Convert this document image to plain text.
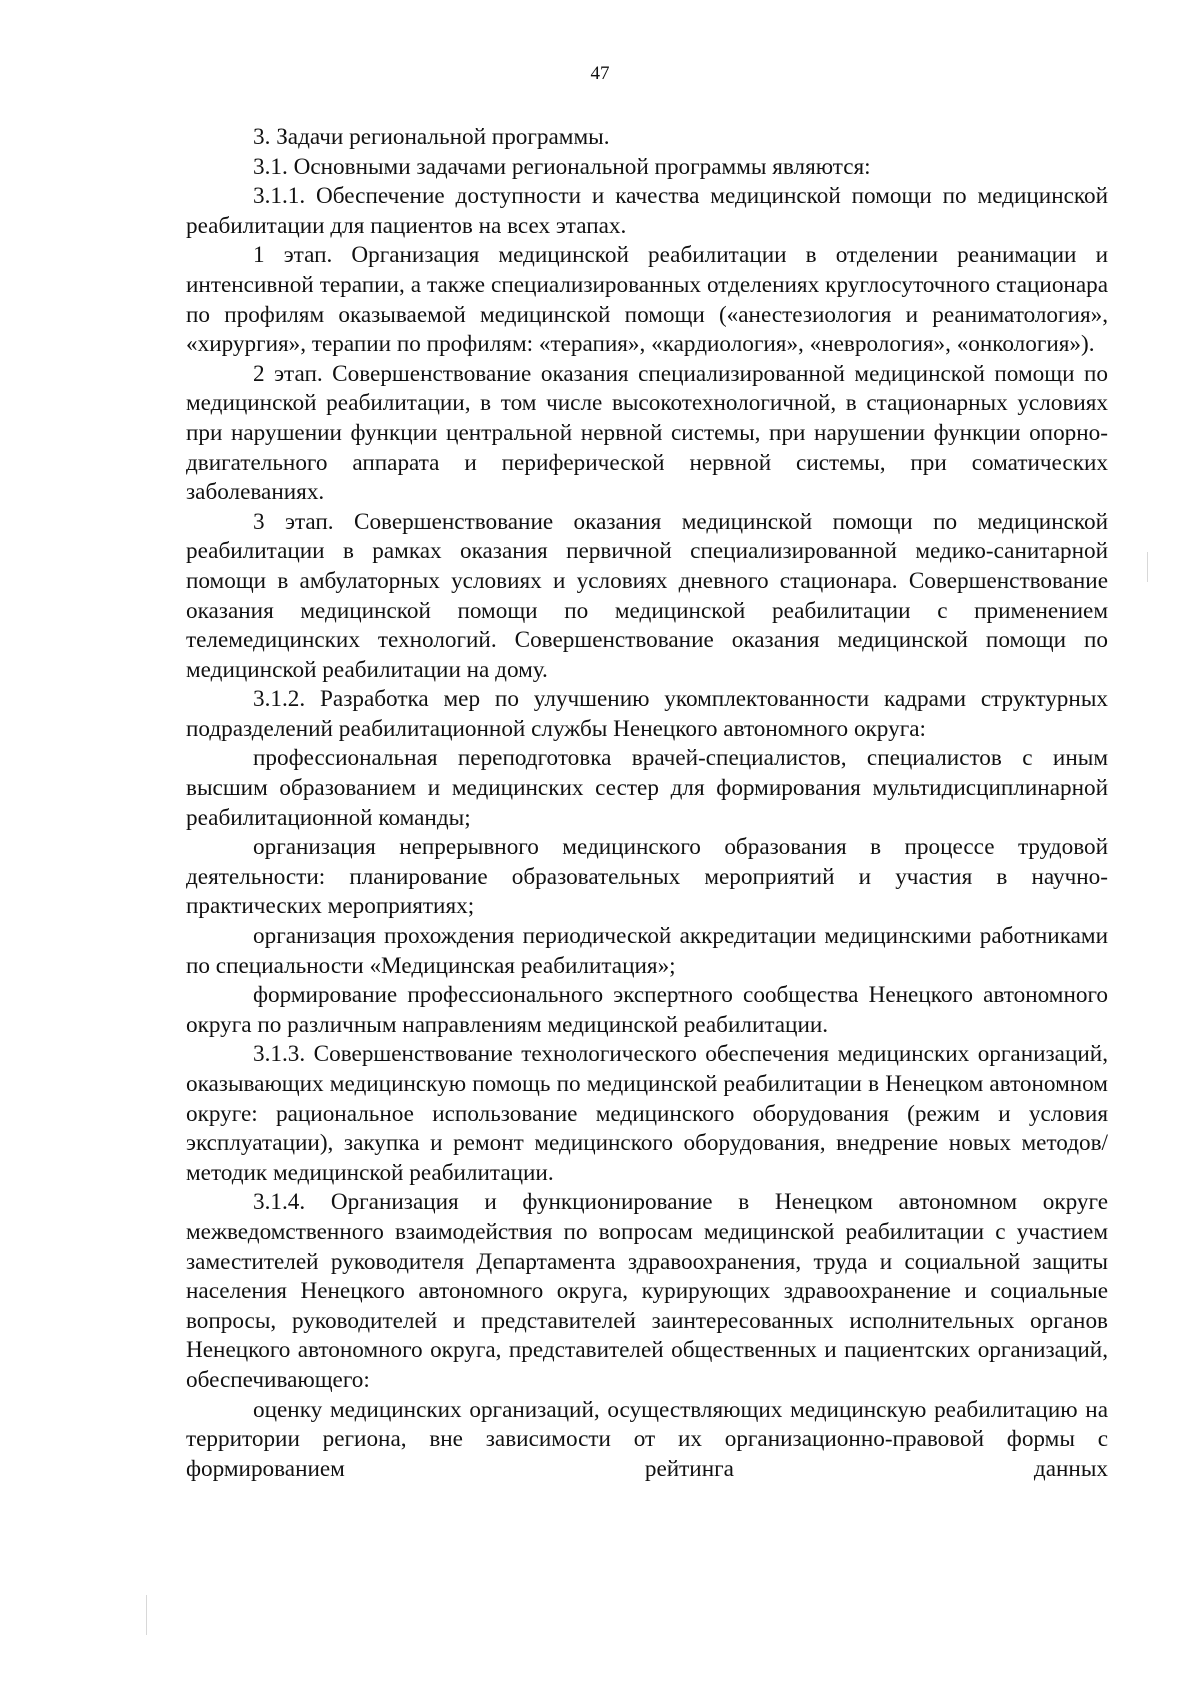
47

3. Задачи региональной программы.

3.1. Основными задачами региональной программы являются:

3.1.1. Обеспечение доступности и качества медицинской помощи по медицинской реабилитации для пациентов на всех этапах.

1 этап. Организация медицинской реабилитации в отделении реанимации и интенсивной терапии, а также специализированных отделениях круглосуточного стационара по профилям оказываемой медицинской помощи («анестезиология и реаниматология», «хирургия», терапии по профилям: «терапия», «кардиология», «неврология», «онкология»).

2 этап. Совершенствование оказания специализированной медицинской помощи по медицинской реабилитации, в том числе высокотехнологичной, в стационарных условиях при нарушении функции центральной нервной системы, при нарушении функции опорно-двигательного аппарата и периферической нервной системы, при соматических заболеваниях.

3 этап. Совершенствование оказания медицинской помощи по медицинской реабилитации в рамках оказания первичной специализированной медико-санитарной помощи в амбулаторных условиях и условиях дневного стационара. Совершенствование оказания медицинской помощи по медицинской реабилитации с применением телемедицинских технологий. Совершенствование оказания медицинской помощи по медицинской реабилитации на дому.

3.1.2. Разработка мер по улучшению укомплектованности кадрами структурных подразделений реабилитационной службы Ненецкого автономного округа:

профессиональная переподготовка врачей-специалистов, специалистов с иным высшим образованием и медицинских сестер для формирования мультидисциплинарной реабилитационной команды;

организация непрерывного медицинского образования в процессе трудовой деятельности: планирование образовательных мероприятий и участия в научно-практических мероприятиях;

организация прохождения периодической аккредитации медицинскими работниками по специальности «Медицинская реабилитация»;

формирование профессионального экспертного сообщества Ненецкого автономного округа по различным направлениям медицинской реабилитации.

3.1.3. Совершенствование технологического обеспечения медицинских организаций, оказывающих медицинскую помощь по медицинской реабилитации в Ненецком автономном округе: рациональное использование медицинского оборудования (режим и условия эксплуатации), закупка и ремонт медицинского оборудования, внедрение новых методов/методик медицинской реабилитации.

3.1.4. Организация и функционирование в Ненецком автономном округе межведомственного взаимодействия по вопросам медицинской реабилитации с участием заместителей руководителя Департамента здравоохранения, труда и социальной защиты населения Ненецкого автономного округа, курирующих здравоохранение и социальные вопросы, руководителей и представителей заинтересованных исполнительных органов Ненецкого автономного округа, представителей общественных и пациентских организаций, обеспечивающего:

оценку медицинских организаций, осуществляющих медицинскую реабилитацию на территории региона, вне зависимости от их организационно-правовой формы с формированием рейтинга данных
